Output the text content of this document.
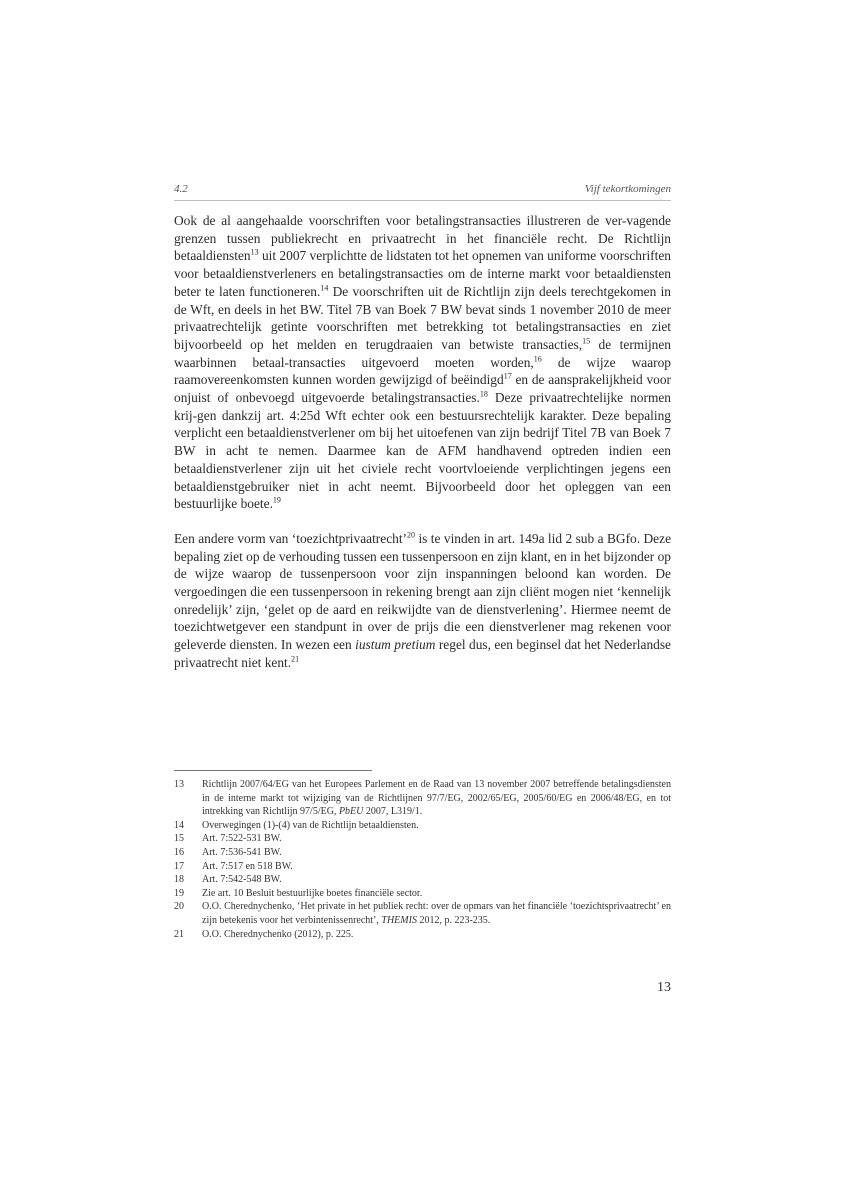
4.2	Vijf tekortkomingen

Ook de al aangehaalde voorschriften voor betalingstransacties illustreren de ver-vagende grenzen tussen publiekrecht en privaatrecht in het financiële recht. De Richtlijn betaaldiensten$^{13}$ uit 2007 verplichtte de lidstaten tot het opnemen van uniforme voorschriften voor betaaldienstverleners en betalingstransacties om de interne markt voor betaaldiensten beter te laten functioneren.$^{14}$ De voorschriften uit de Richtlijn zijn deels terechtgekomen in de Wft, en deels in het BW. Titel 7B van Boek 7 BW bevat sinds 1 november 2010 de meer privaatrechtelijk getinte voorschriften met betrekking tot betalingstransacties en ziet bijvoorbeeld op het melden en terugdraaien van betwiste transacties,$^{15}$ de termijnen waarbinnen betaal-transacties uitgevoerd moeten worden,$^{16}$ de wijze waarop raamovereenkomsten kunnen worden gewijzigd of beëindigd$^{17}$ en de aansprakelijkheid voor onjuist of onbevoegd uitgevoerde betalingstransacties.$^{18}$ Deze privaatrechtelijke normen krij-gen dankzij art. 4:25d Wft echter ook een bestuursrechtelijk karakter. Deze bepaling verplicht een betaaldienstverlener om bij het uitoefenen van zijn bedrijf Titel 7B van Boek 7 BW in acht te nemen. Daarmee kan de AFM handhavend optreden indien een betaaldienstverlener zijn uit het civiele recht voortvloeiende verplichtingen jegens een betaaldienstgebruiker niet in acht neemt. Bijvoorbeeld door het opleggen van een bestuurlijke boete.$^{19}$

Een andere vorm van ‘toezichtprivaatrecht’$^{20}$ is te vinden in art. 149a lid 2 sub a BGfo. Deze bepaling ziet op de verhouding tussen een tussenpersoon en zijn klant, en in het bijzonder op de wijze waarop de tussenpersoon voor zijn inspanningen beloond kan worden. De vergoedingen die een tussenpersoon in rekening brengt aan zijn cliënt mogen niet ‘kennelijk onredelijk’ zijn, ‘gelet op de aard en reikwijdte van de dienstverlening’. Hiermee neemt de toezichtwetgever een standpunt in over de prijs die een dienstverlener mag rekenen voor geleverde diensten. In wezen een iustum pretium regel dus, een beginsel dat het Nederlandse privaatrecht niet kent.$^{21}$

13	Richtlijn 2007/64/EG van het Europees Parlement en de Raad van 13 november 2007 betreffende betalingsdiensten in de interne markt tot wijziging van de Richtlijnen 97/7/EG, 2002/65/EG, 2005/60/EG en 2006/48/EG, en tot intrekking van Richtlijn 97/5/EG, PbEU 2007, L319/1.
14	Overwegingen (1)-(4) van de Richtlijn betaaldiensten.
15	Art. 7:522-531 BW.
16	Art. 7:536-541 BW.
17	Art. 7:517 en 518 BW.
18	Art. 7:542-548 BW.
19	Zie art. 10 Besluit bestuurlijke boetes financiële sector.
20	O.O. Cherednychenko, ‘Het private in het publiek recht: over de opmars van het financiële ‘toezichtsprivaatrecht’ en zijn betekenis voor het verbintenissenrecht’, THEMIS 2012, p. 223-235.
21	O.O. Cherednychenko (2012), p. 225.
13
